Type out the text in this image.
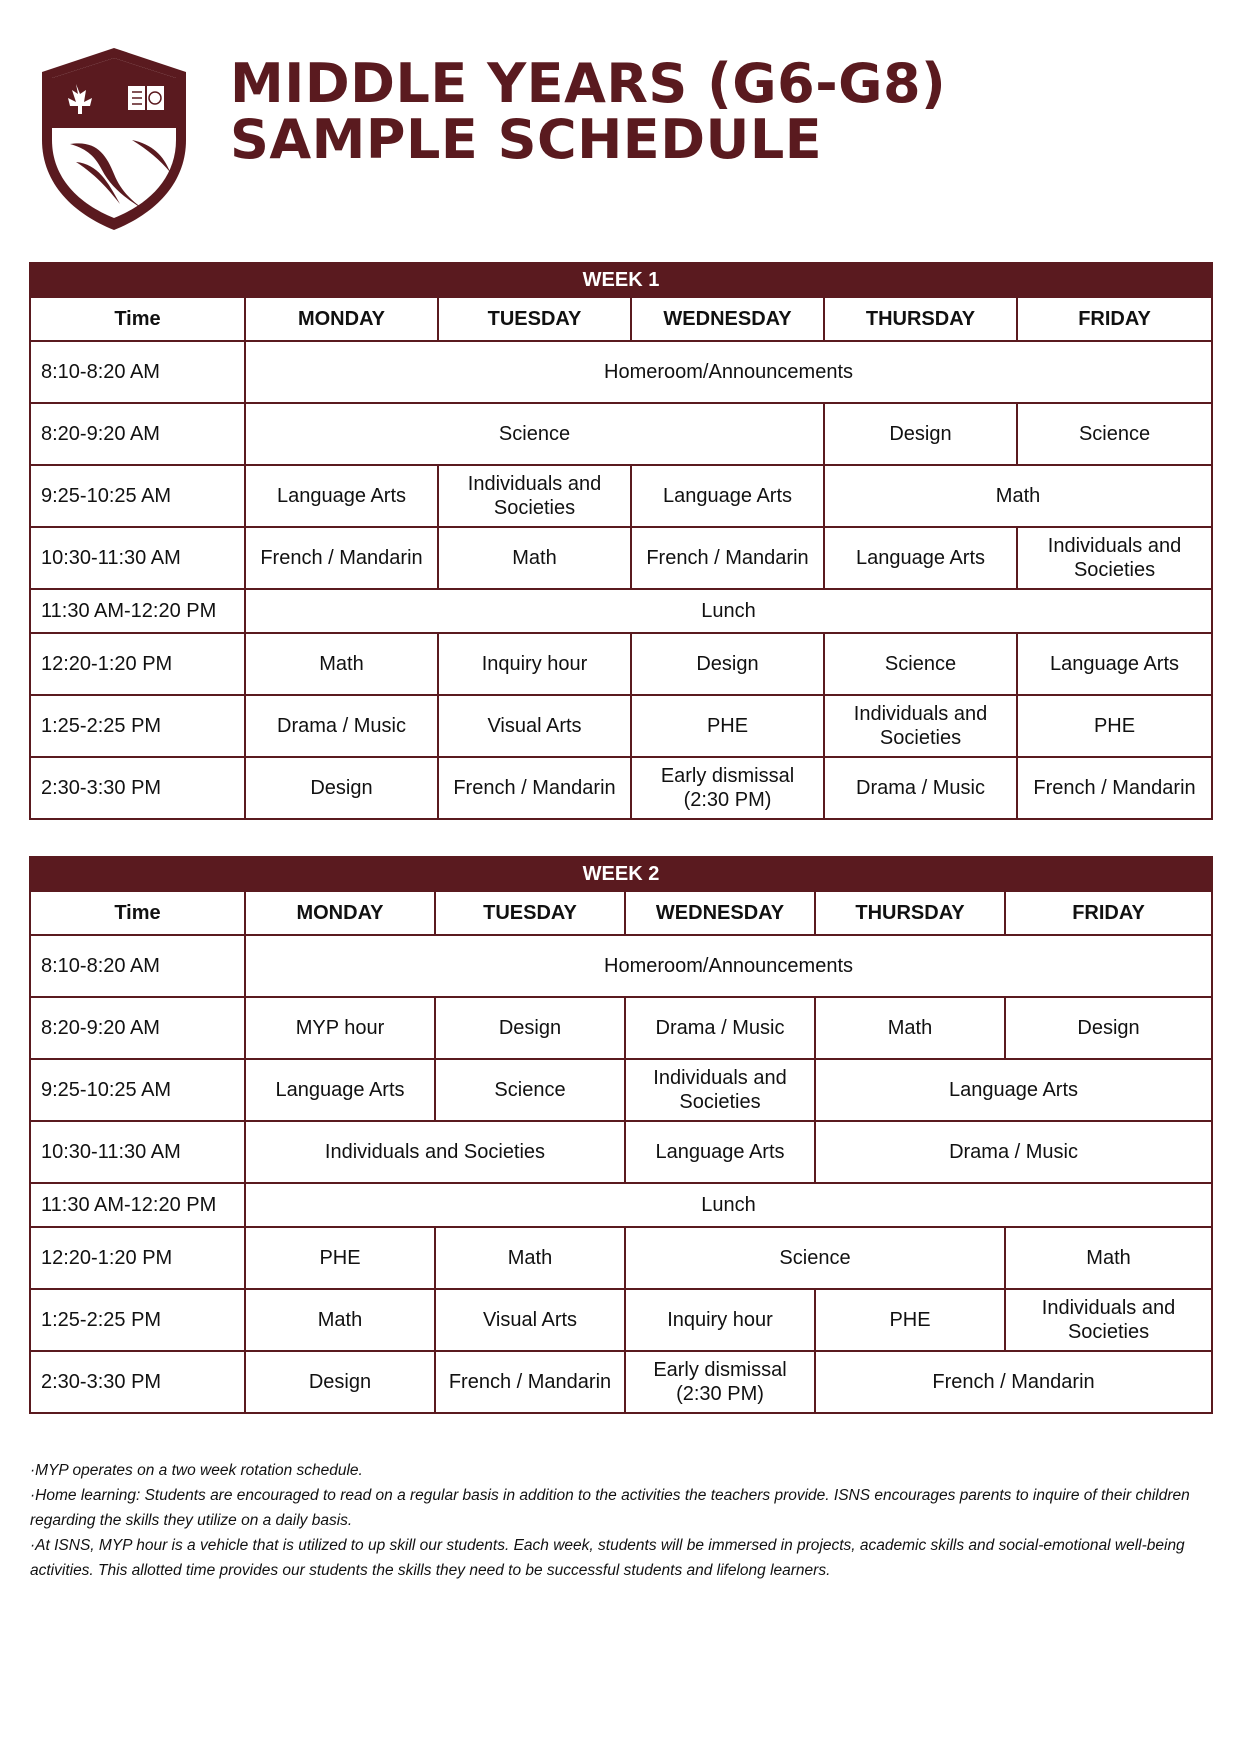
MIDDLE YEARS (G6-G8)
SAMPLE SCHEDULE
WEEK 1					
Time	MONDAY	TUESDAY	WEDNESDAY	THURSDAY	FRIDAY
8:10-8:20 AM	Homeroom/Announcements				
8:20-9:20 AM	Science			Design	Science
9:25-10:25 AM	Language Arts	Individuals and Societies	Language Arts	Math	
10:30-11:30 AM	French / Mandarin	Math	French / Mandarin	Language Arts	Individuals and Societies
11:30 AM-12:20 PM	Lunch				
12:20-1:20 PM	Math	Inquiry hour	Design	Science	Language Arts
1:25-2:25 PM	Drama / Music	Visual Arts	PHE	Individuals and Societies	PHE
2:30-3:30 PM	Design	French / Mandarin	Early dismissal (2:30 PM)	Drama / Music	French / Mandarin
WEEK 2					
Time	MONDAY	TUESDAY	WEDNESDAY	THURSDAY	FRIDAY
8:10-8:20 AM	Homeroom/Announcements				
8:20-9:20 AM	MYP hour	Design	Drama / Music	Math	Design
9:25-10:25 AM	Language Arts	Science	Individuals and Societies	Language Arts	
10:30-11:30 AM	Individuals and Societies		Language Arts	Drama / Music	
11:30 AM-12:20 PM	Lunch				
12:20-1:20 PM	PHE	Math	Science		Math
1:25-2:25 PM	Math	Visual Arts	Inquiry hour	PHE	Individuals and Societies
2:30-3:30 PM	Design	French / Mandarin	Early dismissal (2:30 PM)	French / Mandarin	

·MYP operates on a two week rotation schedule.

·Home learning: Students are encouraged to read on a regular basis in addition to the activities the teachers provide. ISNS encourages parents to inquire of their children regarding the skills they utilize on a daily basis.

·At ISNS, MYP hour is a vehicle that is utilized to up skill our students. Each week, students will be immersed in projects, academic skills and social-emotional well-being activities. This allotted time provides our students the skills they need to be successful students and lifelong learners.
